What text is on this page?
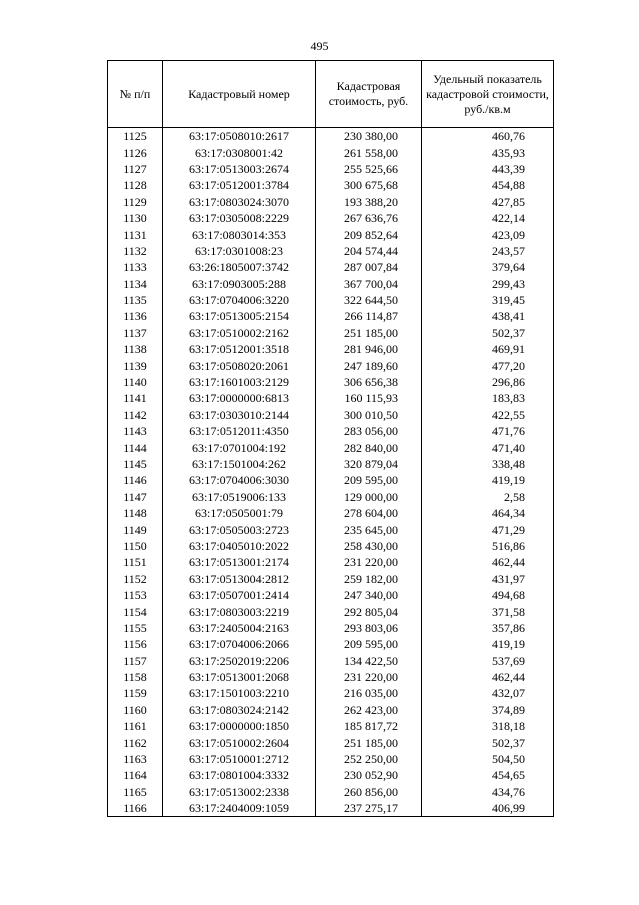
495
№ п/п	Кадастровый номер	Кадастровая стоимость, руб.	Удельный показатель кадастровой стоимости, руб./кв.м
1125	63:17:0508010:2617	230 380,00	460,76
1126	63:17:0308001:42	261 558,00	435,93
1127	63:17:0513003:2674	255 525,66	443,39
1128	63:17:0512001:3784	300 675,68	454,88
1129	63:17:0803024:3070	193 388,20	427,85
1130	63:17:0305008:2229	267 636,76	422,14
1131	63:17:0803014:353	209 852,64	423,09
1132	63:17:0301008:23	204 574,44	243,57
1133	63:26:1805007:3742	287 007,84	379,64
1134	63:17:0903005:288	367 700,04	299,43
1135	63:17:0704006:3220	322 644,50	319,45
1136	63:17:0513005:2154	266 114,87	438,41
1137	63:17:0510002:2162	251 185,00	502,37
1138	63:17:0512001:3518	281 946,00	469,91
1139	63:17:0508020:2061	247 189,60	477,20
1140	63:17:1601003:2129	306 656,38	296,86
1141	63:17:0000000:6813	160 115,93	183,83
1142	63:17:0303010:2144	300 010,50	422,55
1143	63:17:0512011:4350	283 056,00	471,76
1144	63:17:0701004:192	282 840,00	471,40
1145	63:17:1501004:262	320 879,04	338,48
1146	63:17:0704006:3030	209 595,00	419,19
1147	63:17:0519006:133	129 000,00	2,58
1148	63:17:0505001:79	278 604,00	464,34
1149	63:17:0505003:2723	235 645,00	471,29
1150	63:17:0405010:2022	258 430,00	516,86
1151	63:17:0513001:2174	231 220,00	462,44
1152	63:17:0513004:2812	259 182,00	431,97
1153	63:17:0507001:2414	247 340,00	494,68
1154	63:17:0803003:2219	292 805,04	371,58
1155	63:17:2405004:2163	293 803,06	357,86
1156	63:17:0704006:2066	209 595,00	419,19
1157	63:17:2502019:2206	134 422,50	537,69
1158	63:17:0513001:2068	231 220,00	462,44
1159	63:17:1501003:2210	216 035,00	432,07
1160	63:17:0803024:2142	262 423,00	374,89
1161	63:17:0000000:1850	185 817,72	318,18
1162	63:17:0510002:2604	251 185,00	502,37
1163	63:17:0510001:2712	252 250,00	504,50
1164	63:17:0801004:3332	230 052,90	454,65
1165	63:17:0513002:2338	260 856,00	434,76
1166	63:17:2404009:1059	237 275,17	406,99
